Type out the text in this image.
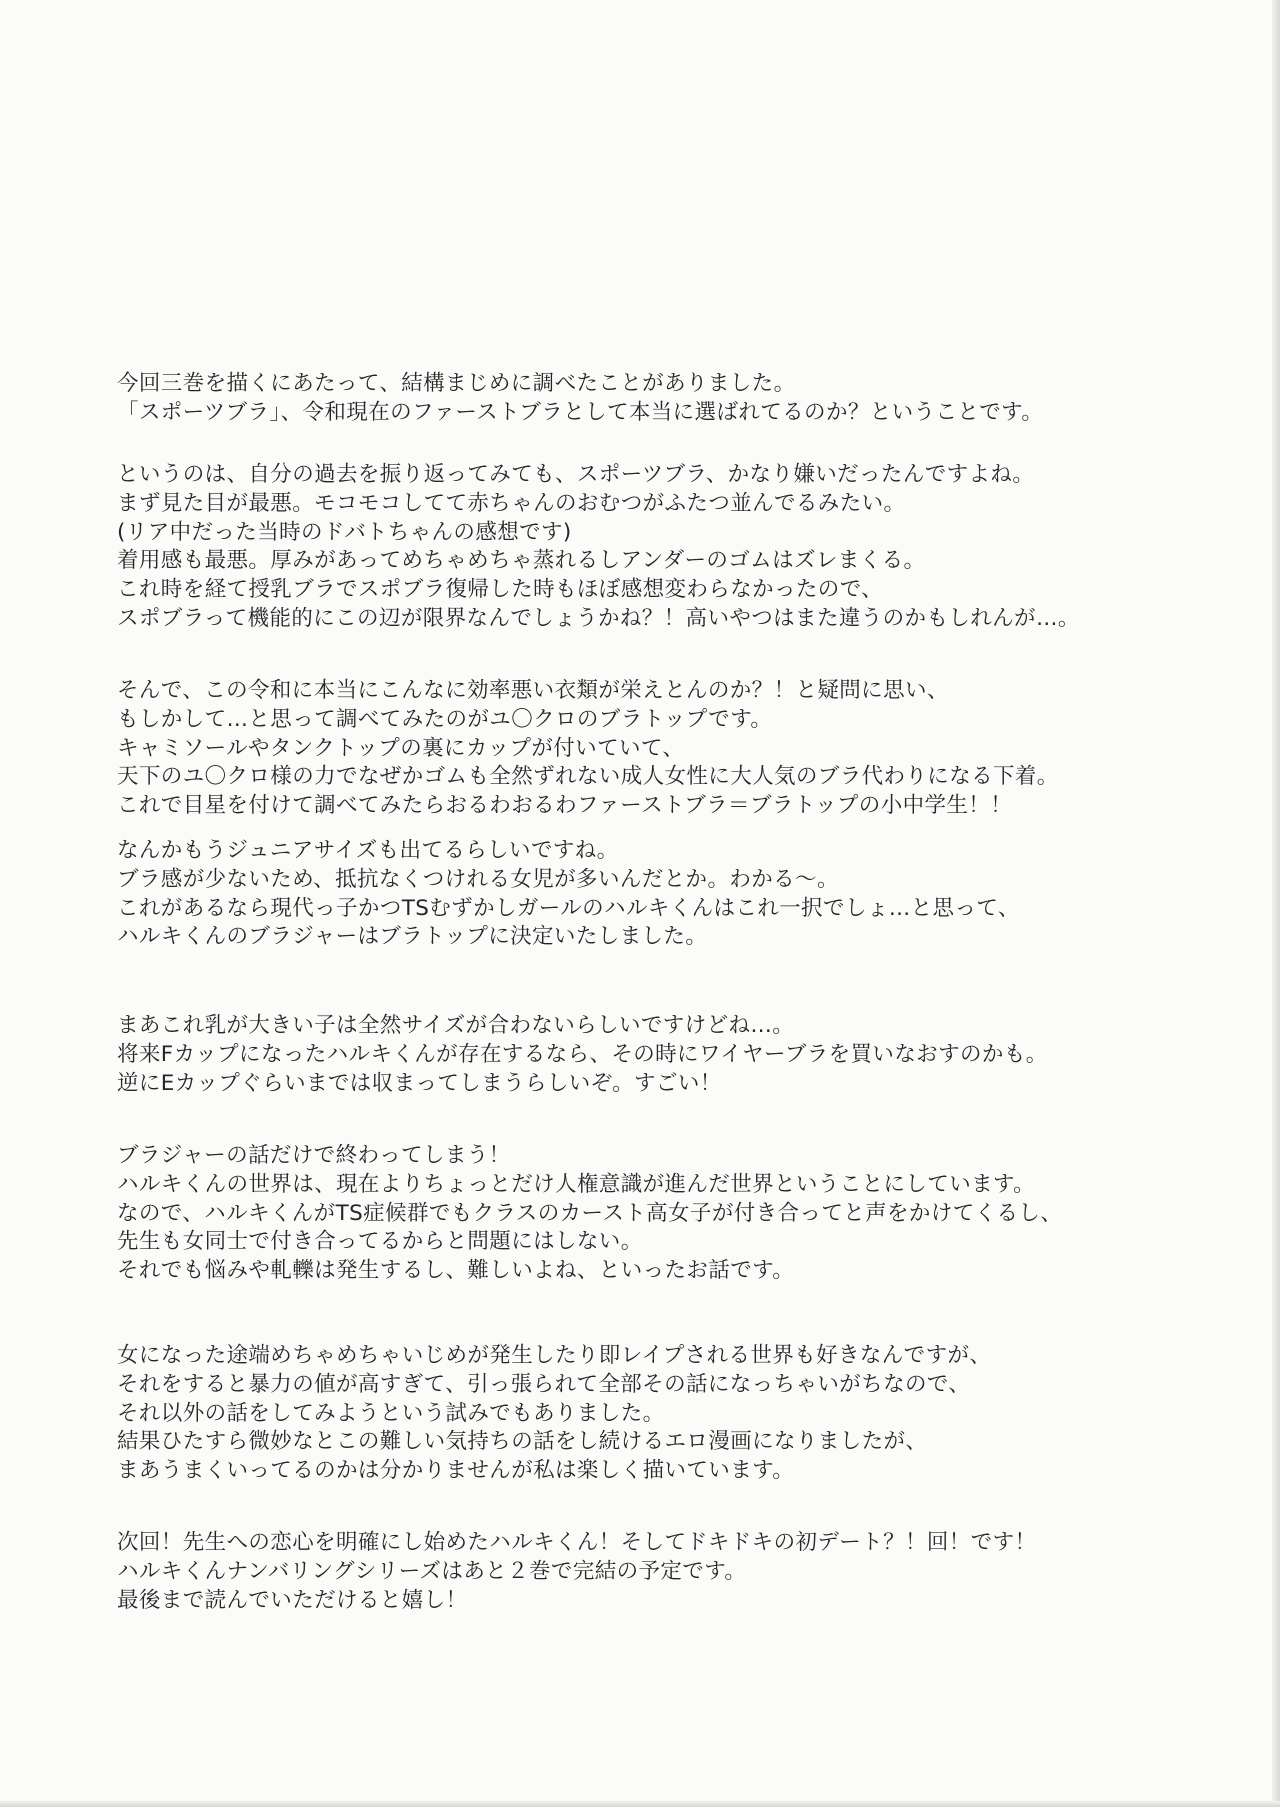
今回三巻を描くにあたって、結構まじめに調べたことがありました。
「スポーツブラ」、令和現在のファーストブラとして本当に選ばれてるのか？ということです。
というのは、自分の過去を振り返ってみても、スポーツブラ、かなり嫌いだったんですよね。
まず見た目が最悪。モコモコしてて赤ちゃんのおむつがふたつ並んでるみたい。
(リア中だった当時のドバトちゃんの感想です)
着用感も最悪。厚みがあってめちゃめちゃ蒸れるしアンダーのゴムはズレまくる。
これ時を経て授乳ブラでスポブラ復帰した時もほぼ感想変わらなかったので、
スポブラって機能的にこの辺が限界なんでしょうかね？！高いやつはまた違うのかもしれんが…。
そんで、この令和に本当にこんなに効率悪い衣類が栄えとんのか？！と疑問に思い、
もしかして…と思って調べてみたのがユ〇クロのブラトップです。
キャミソールやタンクトップの裏にカップが付いていて、
天下のユ〇クロ様の力でなぜかゴムも全然ずれない成人女性に大人気のブラ代わりになる下着。
これで目星を付けて調べてみたらおるわおるわファーストブラ＝ブラトップの小中学生！！
なんかもうジュニアサイズも出てるらしいですね。
ブラ感が少ないため、抵抗なくつけれる女児が多いんだとか。わかる～。
これがあるなら現代っ子かつTSむずかしガールのハルキくんはこれ一択でしょ…と思って、
ハルキくんのブラジャーはブラトップに決定いたしました。
まあこれ乳が大きい子は全然サイズが合わないらしいですけどね…。
将来Fカップになったハルキくんが存在するなら、その時にワイヤーブラを買いなおすのかも。
逆にEカップぐらいまでは収まってしまうらしいぞ。すごい！
ブラジャーの話だけで終わってしまう！
ハルキくんの世界は、現在よりちょっとだけ人権意識が進んだ世界ということにしています。
なので、ハルキくんがTS症候群でもクラスのカースト高女子が付き合ってと声をかけてくるし、
先生も女同士で付き合ってるからと問題にはしない。
それでも悩みや軋轢は発生するし、難しいよね、といったお話です。
女になった途端めちゃめちゃいじめが発生したり即レイプされる世界も好きなんですが、
それをすると暴力の値が高すぎて、引っ張られて全部その話になっちゃいがちなので、
それ以外の話をしてみようという試みでもありました。
結果ひたすら微妙なとこの難しい気持ちの話をし続けるエロ漫画になりましたが、
まあうまくいってるのかは分かりませんが私は楽しく描いています。
次回！先生への恋心を明確にし始めたハルキくん！そしてドキドキの初デート？！回！です！
ハルキくんナンバリングシリーズはあと２巻で完結の予定です。
最後まで読んでいただけると嬉し！
